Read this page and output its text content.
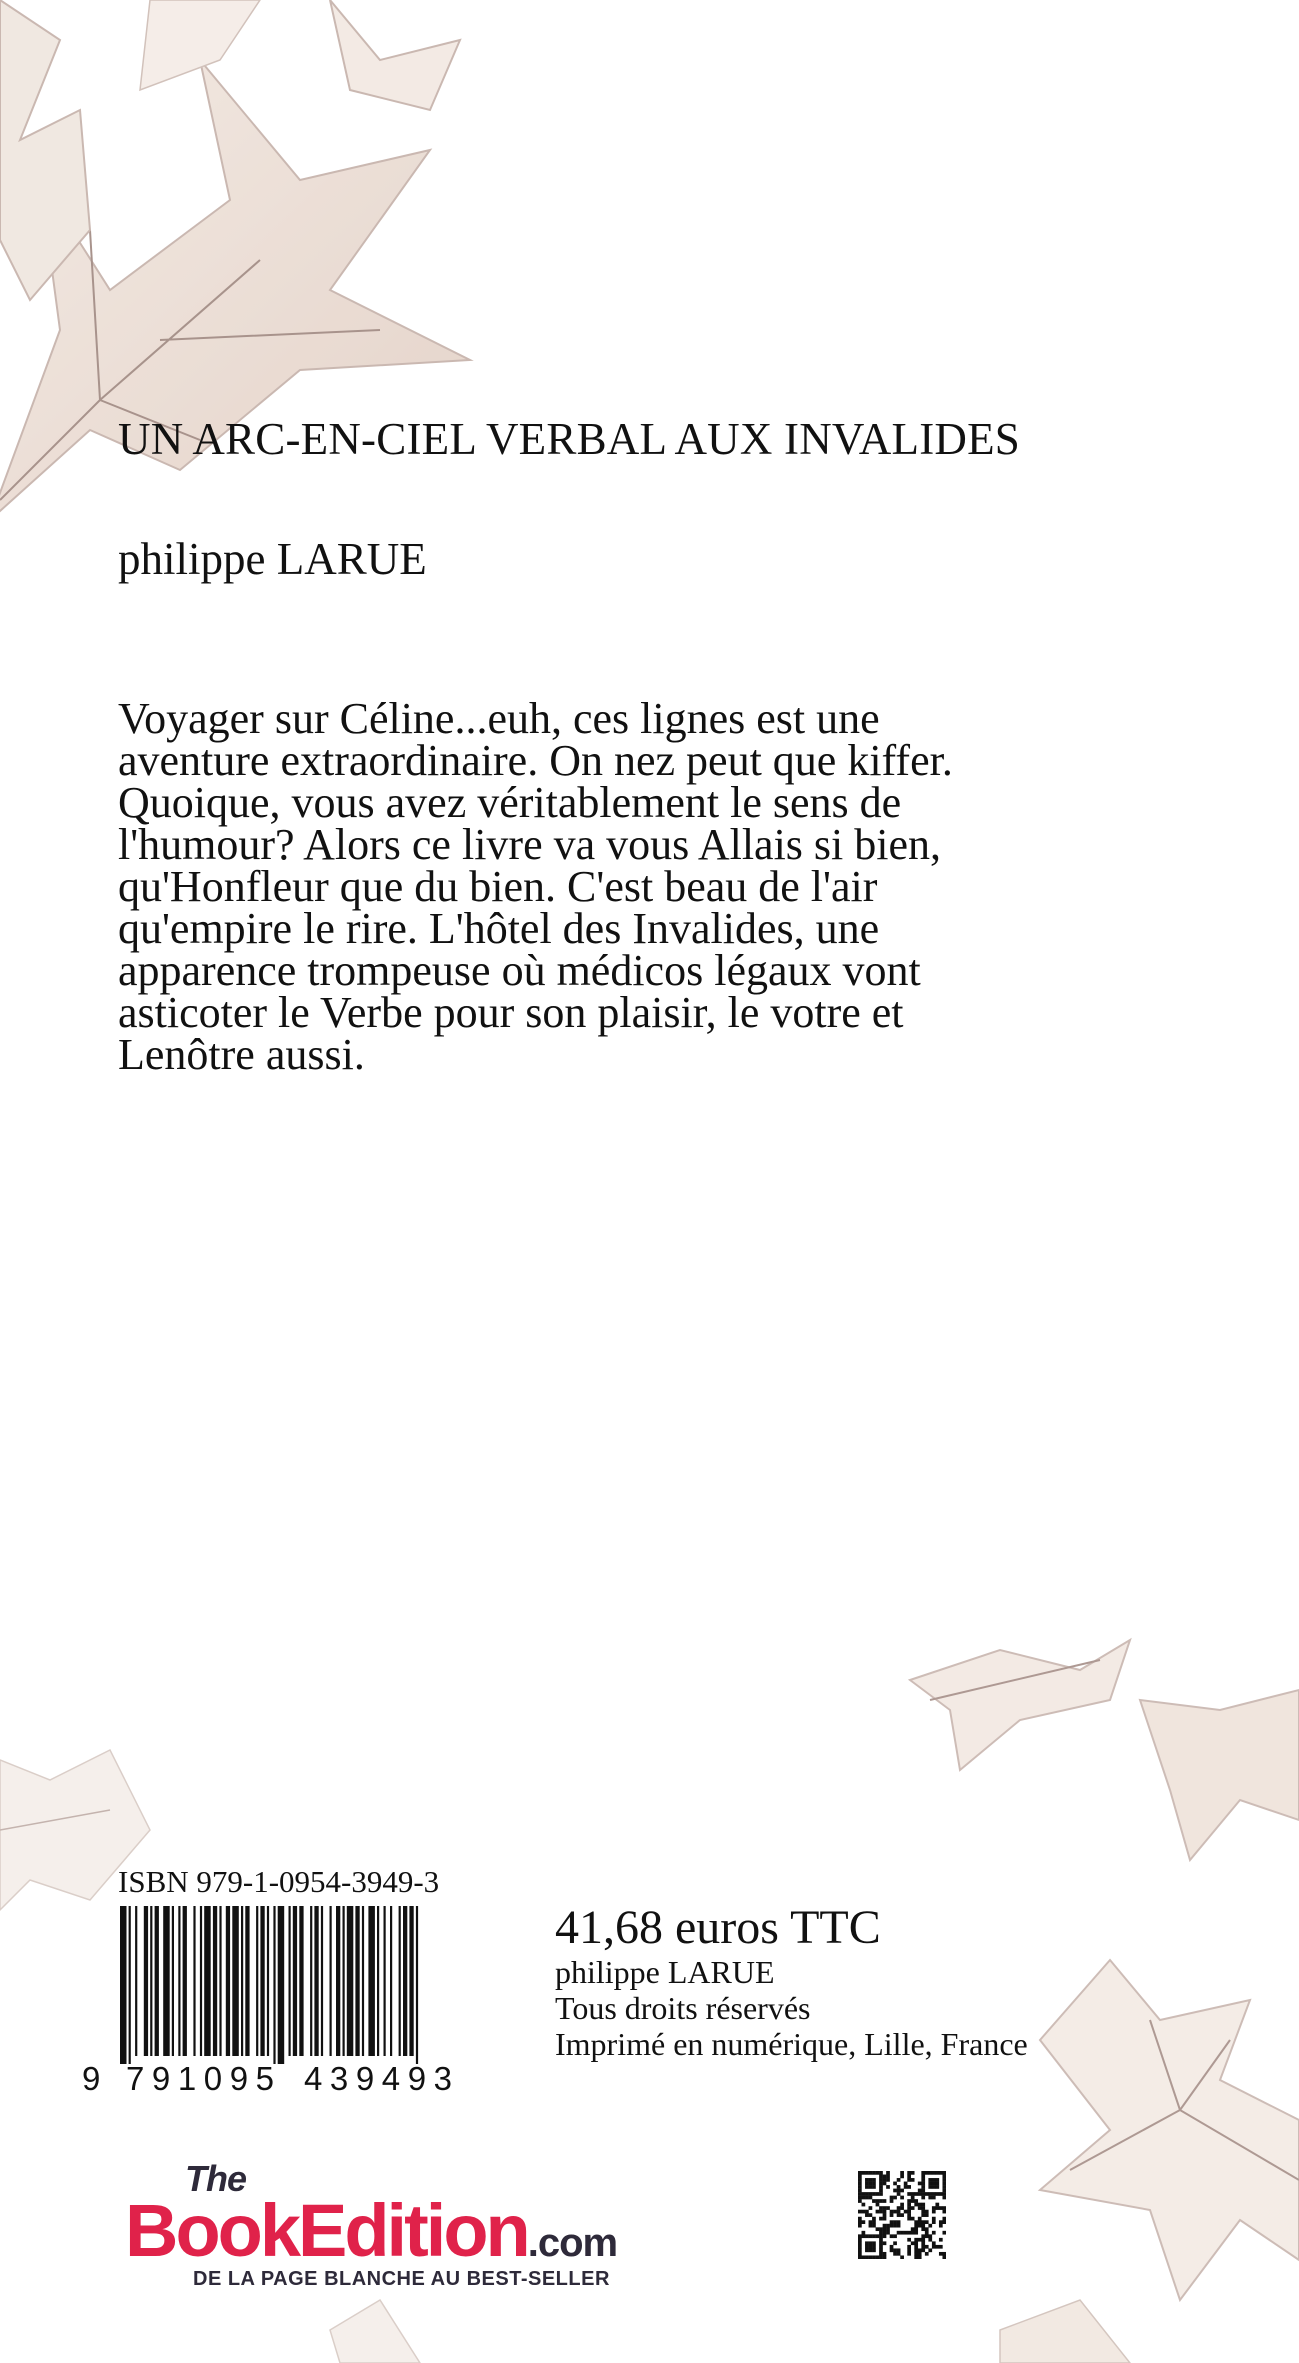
UN ARC-EN-CIEL VERBAL AUX INVALIDES

philippe LARUE

Voyager sur Céline...euh, ces lignes est une aventure extraordinaire. On nez peut que kiffer. Quoique, vous avez véritablement le sens de l'humour? Alors ce livre va vous Allais si bien, qu'Honfleur que du bien. C'est beau de l'air qu'empire le rire. L'hôtel des Invalides, une apparence trompeuse où médicos légaux vont asticoter le Verbe pour son plaisir, le votre et Lenôtre aussi.

ISBN 979-1-0954-3949-3
9 791095 439493
41,68 euros TTC
philippe LARUE
Tous droits réservés
Imprimé en numérique, Lille, France
The
BookEdition.com
DE LA PAGE BLANCHE AU BEST-SELLER
